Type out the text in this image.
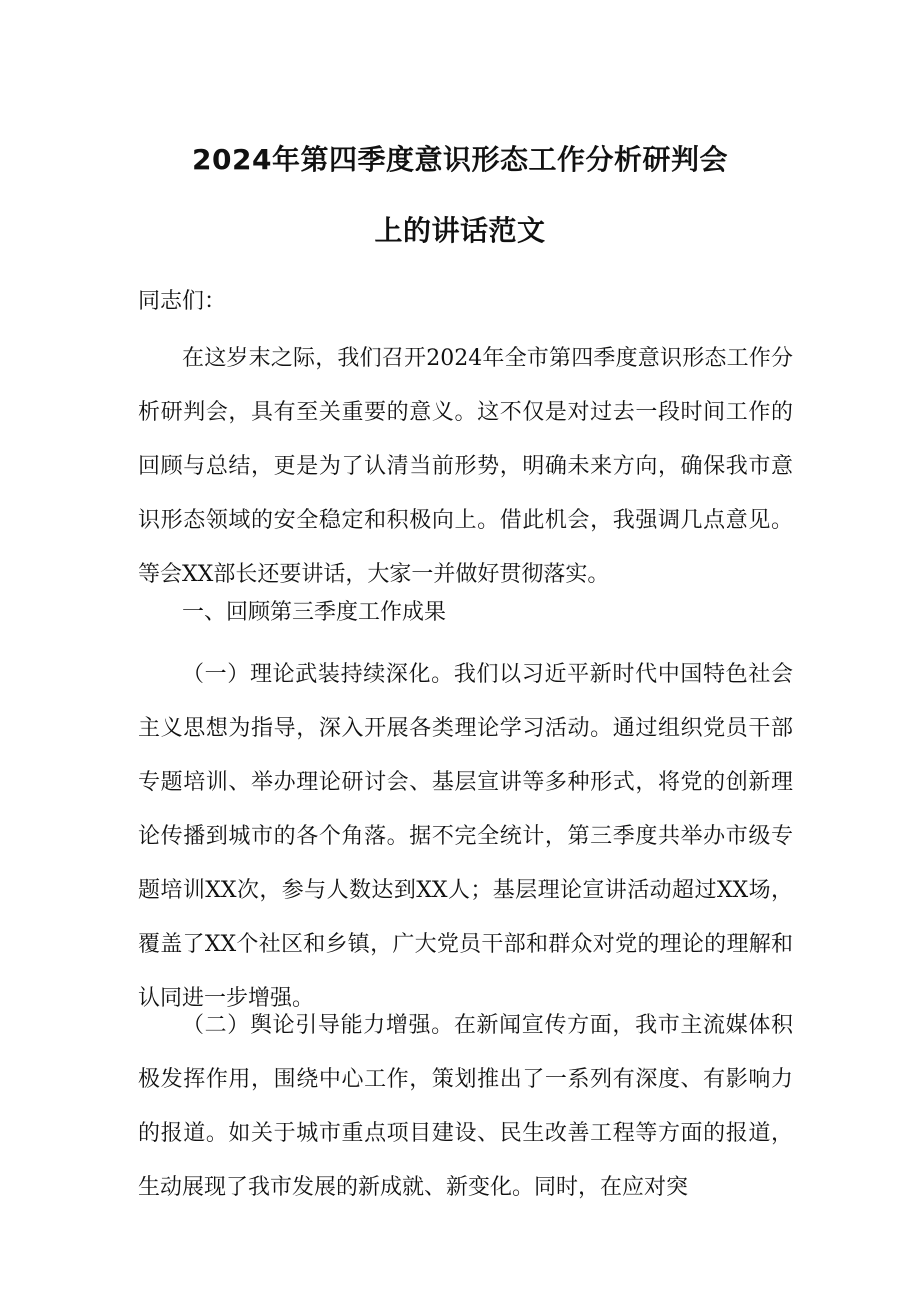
2024年第四季度意识形态工作分析研判会
上的讲话范文

同志们：

在这岁末之际，我们召开2024年全市第四季度意识形态工作分析研判会，具有至关重要的意义。这不仅是对过去一段时间工作的回顾与总结，更是为了认清当前形势，明确未来方向，确保我市意识形态领域的安全稳定和积极向上。借此机会，我强调几点意见。等会XX部长还要讲话，大家一并做好贯彻落实。

一、回顾第三季度工作成果

（一）理论武装持续深化。我们以习近平新时代中国特色社会主义思想为指导，深入开展各类理论学习活动。通过组织党员干部专题培训、举办理论研讨会、基层宣讲等多种形式，将党的创新理论传播到城市的各个角落。据不完全统计，第三季度共举办市级专题培训XX次，参与人数达到XX人；基层理论宣讲活动超过XX场，覆盖了XX个社区和乡镇，广大党员干部和群众对党的理论的理解和认同进一步增强。

（二）舆论引导能力增强。在新闻宣传方面，我市主流媒体积极发挥作用，围绕中心工作，策划推出了一系列有深度、有影响力的报道。如关于城市重点项目建设、民生改善工程等方面的报道，生动展现了我市发展的新成就、新变化。同时，在应对突
